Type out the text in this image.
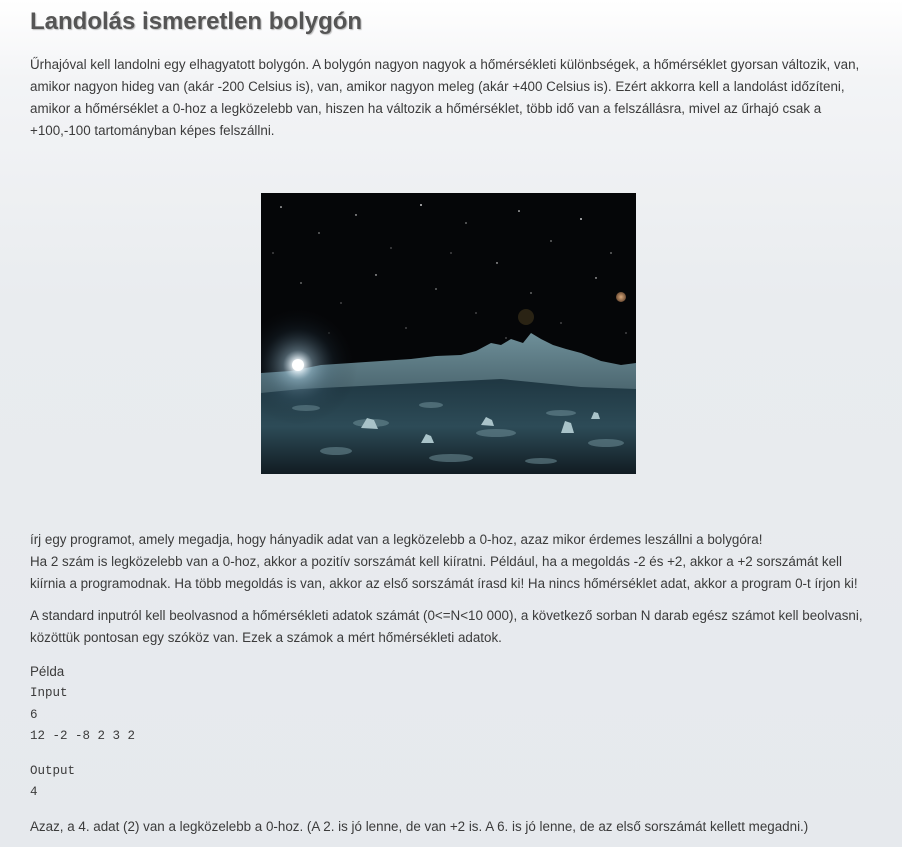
Landolás ismeretlen bolygón

Űrhajóval kell landolni egy elhagyatott bolygón. A bolygón nagyon nagyok a hőmérsékleti különbségek, a hőmérséklet gyorsan változik, van, amikor nagyon hideg van (akár -200 Celsius is), van, amikor nagyon meleg (akár +400 Celsius is). Ezért akkorra kell a landolást időzíteni, amikor a hőmérséklet a 0-hoz a legközelebb van, hiszen ha változik a hőmérséklet, több idő van a felszállásra, mivel az űrhajó csak a +100,-100 tartományban képes felszállni.

írj egy programot, amely megadja, hogy hányadik adat van a legközelebb a 0-hoz, azaz mikor érdemes leszállni a bolygóra!

Ha 2 szám is legközelebb van a 0-hoz, akkor a pozitív sorszámát kell kiíratni. Például, ha a megoldás -2 és +2, akkor a +2 sorszámát kell kiírnia a programodnak. Ha több megoldás is van, akkor az első sorszámát írasd ki! Ha nincs hőmérséklet adat, akkor a program 0-t írjon ki!

A standard inputról kell beolvasnod a hőmérsékleti adatok számát (0<=N<10 000), a következő sorban N darab egész számot kell beolvasni, közöttük pontosan egy szóköz van. Ezek a számok a mért hőmérsékleti adatok.

Példa

Input
6
12 -2 -8 2 3 2
Output
4

Azaz, a 4. adat (2) van a legközelebb a 0-hoz. (A 2. is jó lenne, de van +2 is. A 6. is jó lenne, de az első sorszámát kellett megadni.)
